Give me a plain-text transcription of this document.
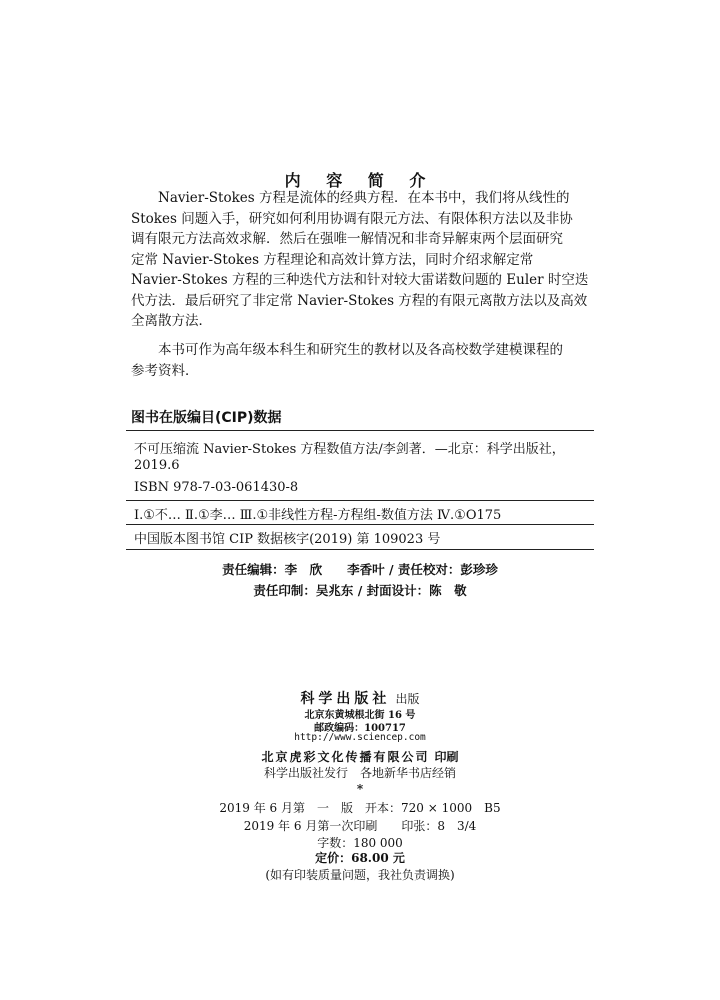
内 容 简 介
Navier-Stokes 方程是流体的经典方程．在本书中，我们将从线性的
Stokes 问题入手，研究如何利用协调有限元方法、有限体积方法以及非协
调有限元方法高效求解．然后在强唯一解情况和非奇异解束两个层面研究
定常 Navier-Stokes 方程理论和高效计算方法，同时介绍求解定常
Navier-Stokes 方程的三种迭代方法和针对较大雷诺数问题的 Euler 时空迭
代方法．最后研究了非定常 Navier-Stokes 方程的有限元离散方法以及高效
全离散方法．
本书可作为高年级本科生和研究生的教材以及各高校数学建模课程的
参考资料．
图书在版编目(CIP)数据
不可压缩流 Navier-Stokes 方程数值方法/李剑著．—北京：科学出版社，
2019.6
ISBN 978-7-03-061430-8
Ⅰ.①不… Ⅱ.①李… Ⅲ.①非线性方程-方程组-数值方法 Ⅳ.①O175
中国版本图书馆 CIP 数据核字(2019) 第 109023 号
责任编辑：李　欣　　李香叶 / 责任校对：彭珍珍
责任印制：吴兆东 / 封面设计：陈　敬
科学出版社 出版
北京东黄城根北街 16 号
邮政编码：100717
http://www.sciencep.com
北京虎彩文化传播有限公司 印刷
科学出版社发行　各地新华书店经销
*
2019 年 6 月第　一　版　开本：720 × 1000　B5
2019 年 6 月第一次印刷　　印张：8　3/4
字数：180 000
定价：68.00 元
(如有印装质量问题，我社负责调换)
